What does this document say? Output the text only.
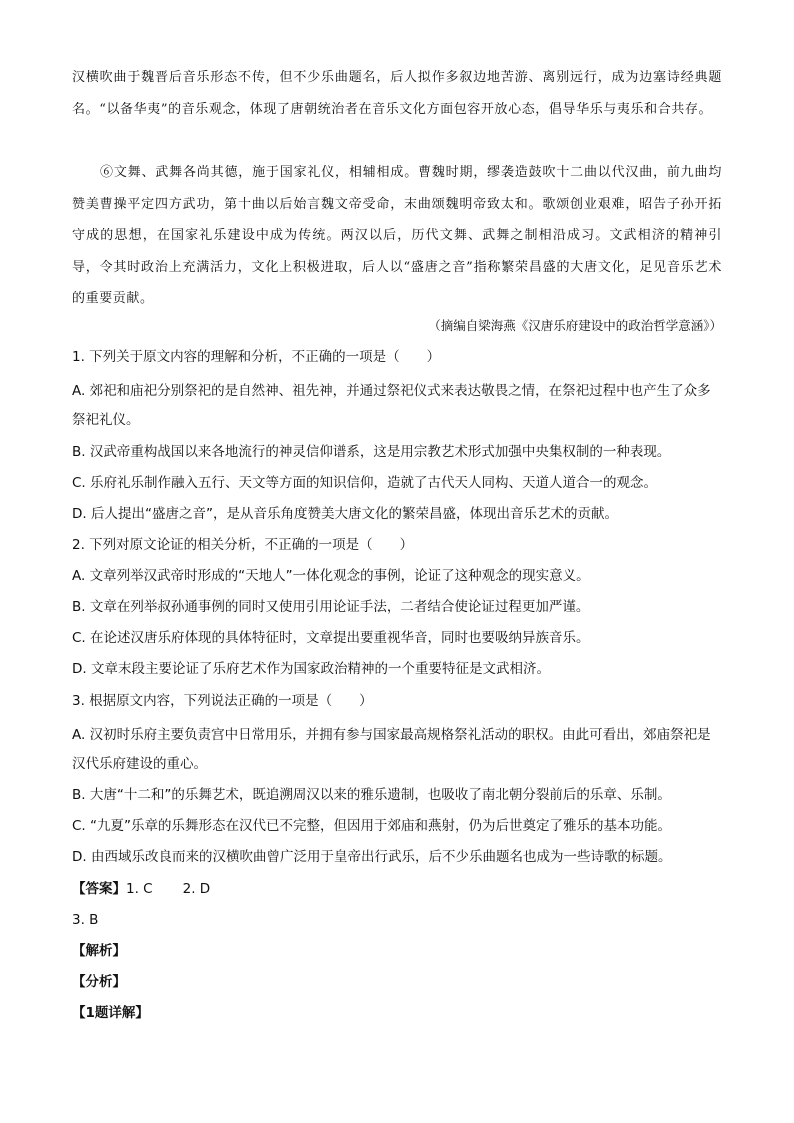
汉横吹曲于魏晋后音乐形态不传，但不少乐曲题名，后人拟作多叙边地苦游、离别远行，成为边塞诗经典题名。“以备华夷”的音乐观念，体现了唐朝统治者在音乐文化方面包容开放心态，倡导华乐与夷乐和合共存。

⑥文舞、武舞各尚其德，施于国家礼仪，相辅相成。曹魏时期，缪袭造鼓吹十二曲以代汉曲，前九曲均赞美曹操平定四方武功，第十曲以后始言魏文帝受命，末曲颂魏明帝致太和。歌颂创业艰难，昭告子孙开拓守成的思想，在国家礼乐建设中成为传统。两汉以后，历代文舞、武舞之制相沿成习。文武相济的精神引导，令其时政治上充满活力，文化上积极进取，后人以“盛唐之音”指称繁荣昌盛的大唐文化，足见音乐艺术的重要贡献。

（摘编自梁海燕《汉唐乐府建设中的政治哲学意涵》）
1. 下列关于原文内容的理解和分析，不正确的一项是（　　）
A. 郊祀和庙祀分别祭祀的是自然神、祖先神，并通过祭祀仪式来表达敬畏之情，在祭祀过程中也产生了众多祭祀礼仪。
B. 汉武帝重构战国以来各地流行的神灵信仰谱系，这是用宗教艺术形式加强中央集权制的一种表现。
C. 乐府礼乐制作融入五行、天文等方面的知识信仰，造就了古代天人同构、天道人道合一的观念。
D. 后人提出“盛唐之音”，是从音乐角度赞美大唐文化的繁荣昌盛，体现出音乐艺术的贡献。
2. 下列对原文论证的相关分析，不正确的一项是（　　）
A. 文章列举汉武帝时形成的“天地人”一体化观念的事例，论证了这种观念的现实意义。
B. 文章在列举叔孙通事例的同时又使用引用论证手法，二者结合使论证过程更加严谨。
C. 在论述汉唐乐府体现的具体特征时，文章提出要重视华音，同时也要吸纳异族音乐。
D. 文章末段主要论证了乐府艺术作为国家政治精神的一个重要特征是文武相济。
3. 根据原文内容，下列说法正确的一项是（　　）
A. 汉初时乐府主要负责宫中日常用乐，并拥有参与国家最高规格祭礼活动的职权。由此可看出，郊庙祭祀是汉代乐府建设的重心。
B. 大唐“十二和”的乐舞艺术，既追溯周汉以来的雅乐遗制，也吸收了南北朝分裂前后的乐章、乐制。
C. “九夏”乐章的乐舞形态在汉代已不完整，但因用于郊庙和燕射，仍为后世奠定了雅乐的基本功能。
D. 由西域乐改良而来的汉横吹曲曾广泛用于皇帝出行武乐，后不少乐曲题名也成为一些诗歌的标题。
【答案】1. C 2. D
3. B
【解析】
【分析】
【1题详解】
